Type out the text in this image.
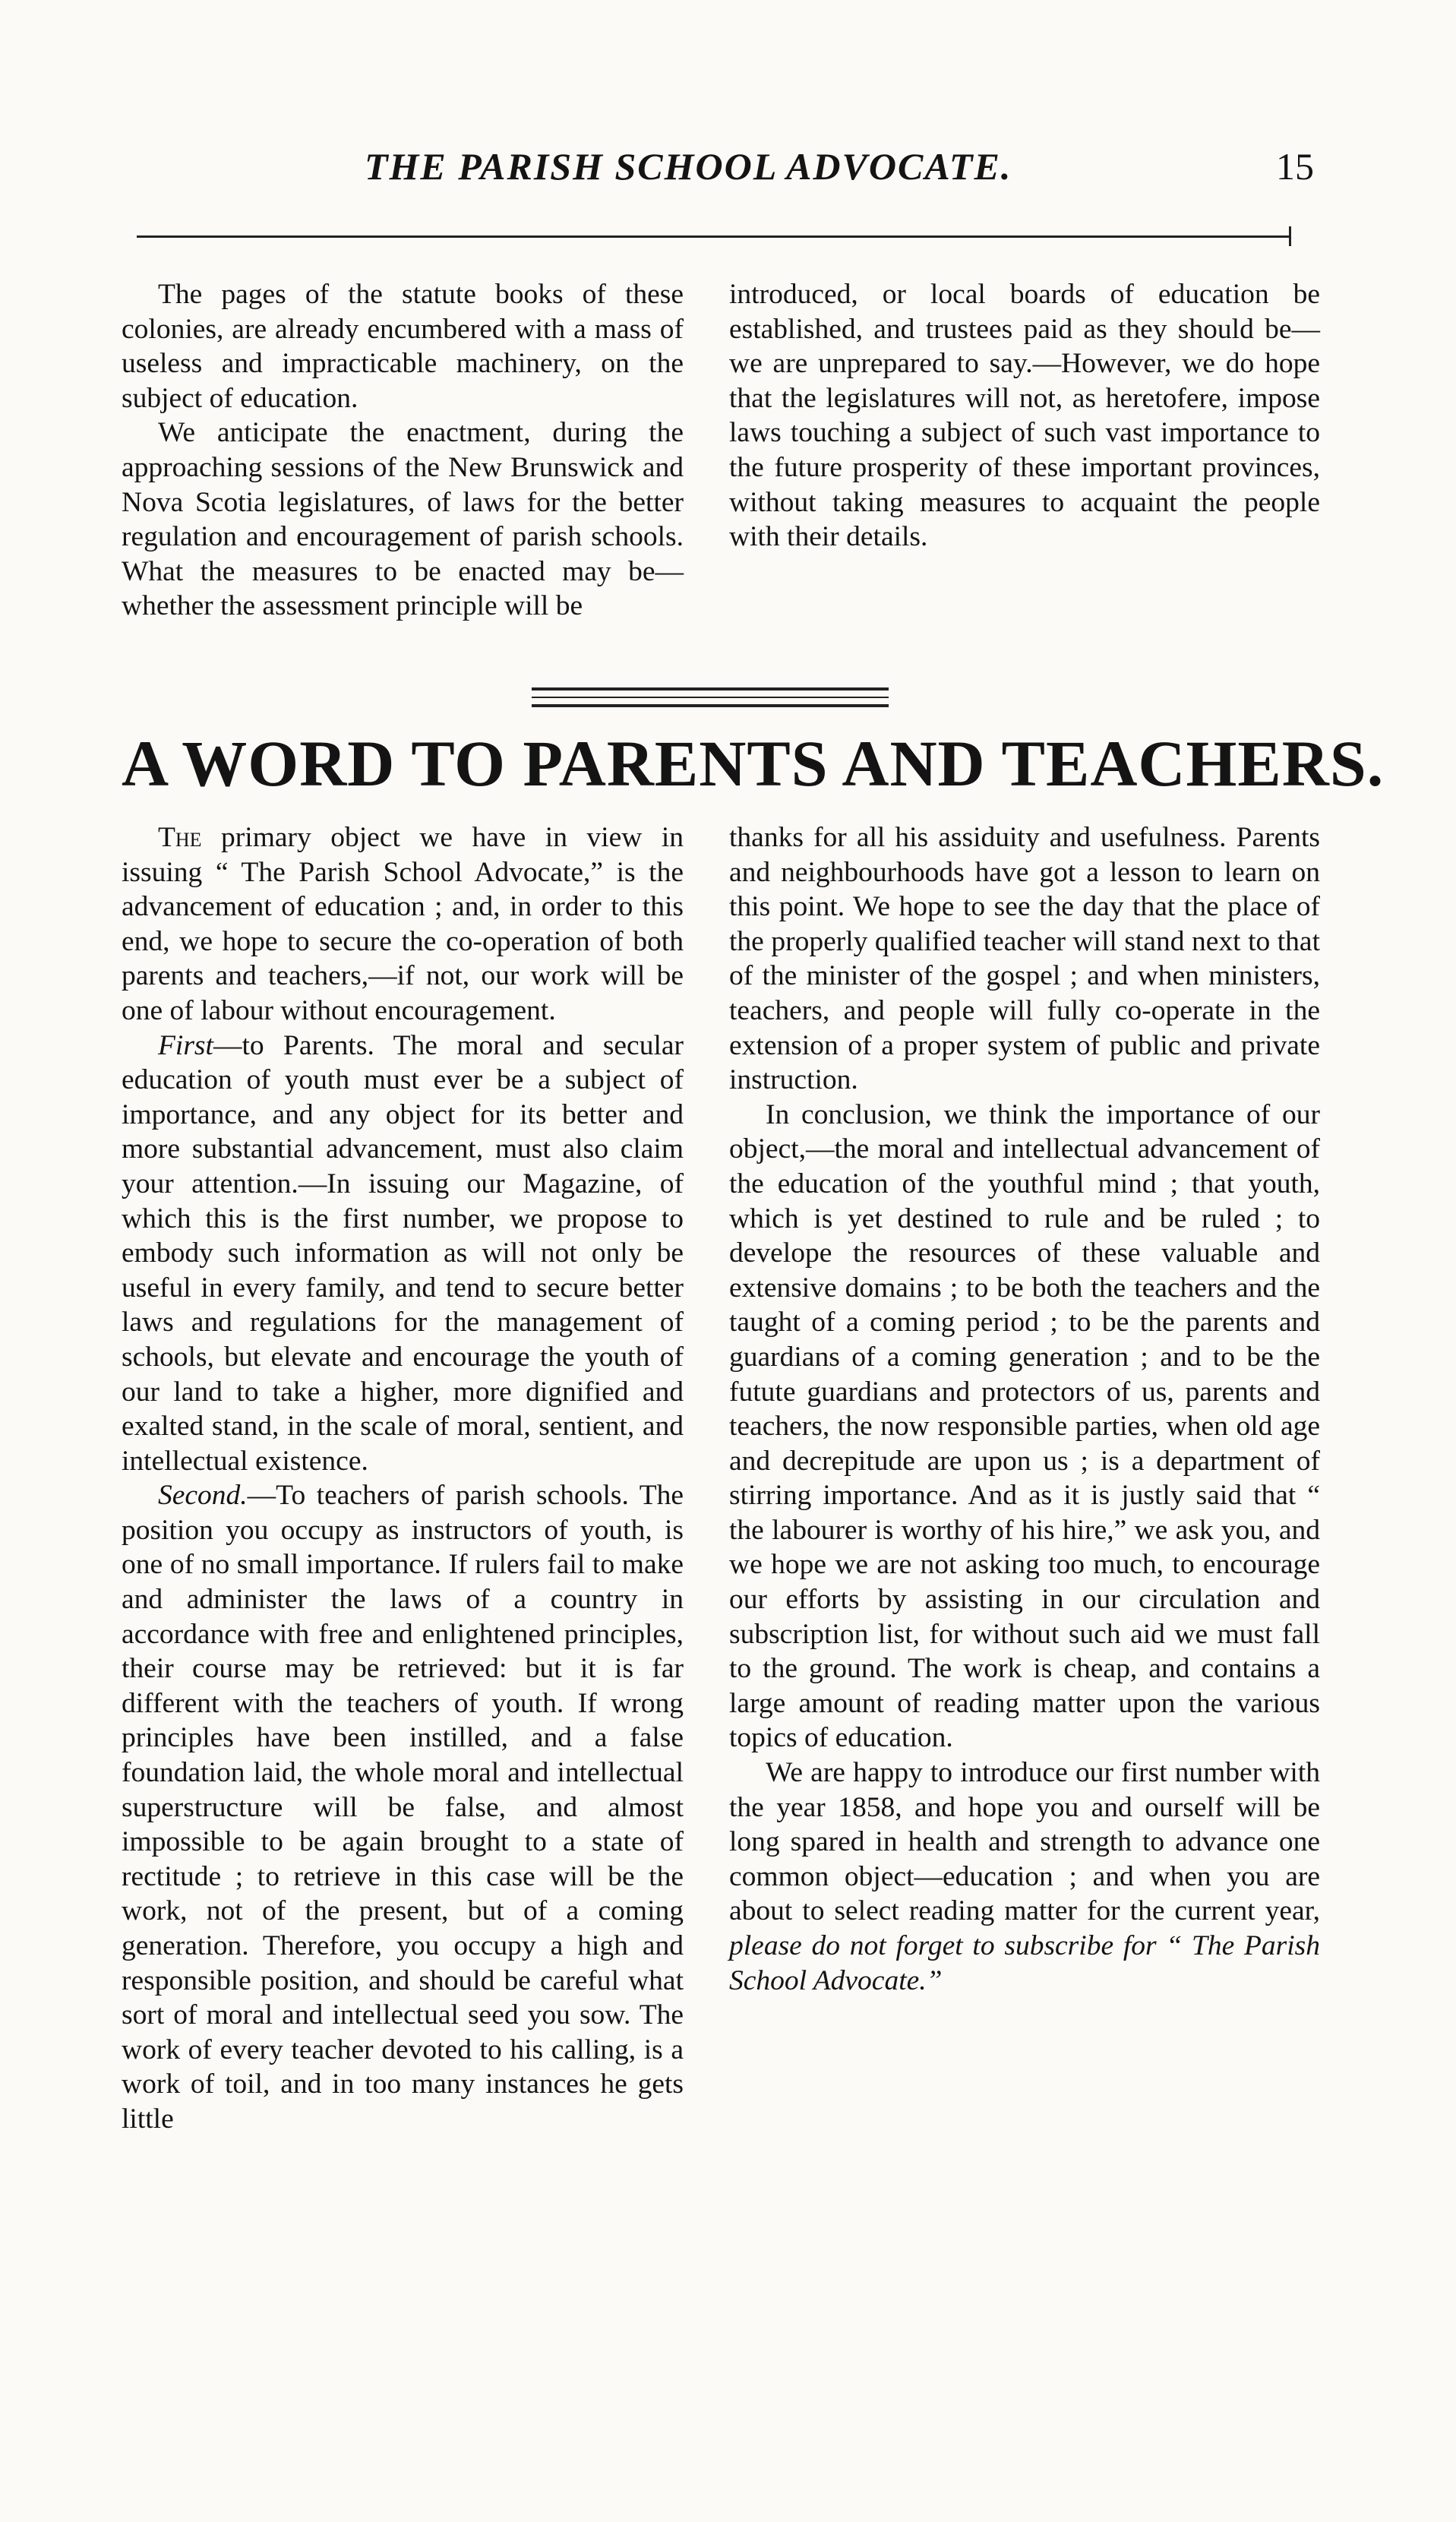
THE PARISH SCHOOL ADVOCATE.	15

The pages of the statute books of these colonies, are already encumbered with a mass of useless and impracticable machinery, on the subject of education.

We anticipate the enactment, during the approaching sessions of the New Brunswick and Nova Scotia legislatures, of laws for the better regulation and encouragement of parish schools. What the measures to be enacted may be—whether the assessment principle will be

introduced, or local boards of education be established, and trustees paid as they should be—we are unprepared to say.—However, we do hope that the legislatures will not, as heretofere, impose laws touching a subject of such vast importance to the future prosperity of these important provinces, without taking measures to acquaint the people with their details.

A WORD TO PARENTS AND TEACHERS.

The primary object we have in view in issuing “ The Parish School Advocate,” is the advancement of education ; and, in order to this end, we hope to secure the co-operation of both parents and teachers,—if not, our work will be one of labour without encouragement.

First—to Parents. The moral and secular education of youth must ever be a subject of importance, and any object for its better and more substantial advancement, must also claim your attention.—In issuing our Magazine, of which this is the first number, we propose to embody such information as will not only be useful in every family, and tend to secure better laws and regulations for the management of schools, but elevate and encourage the youth of our land to take a higher, more dignified and exalted stand, in the scale of moral, sentient, and intellectual existence.

Second.—To teachers of parish schools. The position you occupy as instructors of youth, is one of no small importance. If rulers fail to make and administer the laws of a country in accordance with free and enlightened principles, their course may be retrieved: but it is far different with the teachers of youth. If wrong principles have been instilled, and a false foundation laid, the whole moral and intellectual superstructure will be false, and almost impossible to be again brought to a state of rectitude ; to retrieve in this case will be the work, not of the present, but of a coming generation. Therefore, you occupy a high and responsible position, and should be careful what sort of moral and intellectual seed you sow. The work of every teacher devoted to his calling, is a work of toil, and in too many instances he gets little

thanks for all his assiduity and usefulness. Parents and neighbourhoods have got a lesson to learn on this point. We hope to see the day that the place of the properly qualified teacher will stand next to that of the minister of the gospel ; and when ministers, teachers, and people will fully co-operate in the extension of a proper system of public and private instruction.

In conclusion, we think the importance of our object,—the moral and intellectual advancement of the education of the youthful mind ; that youth, which is yet destined to rule and be ruled ; to develope the resources of these valuable and extensive domains ; to be both the teachers and the taught of a coming period ; to be the parents and guardians of a coming generation ; and to be the futute guardians and protectors of us, parents and teachers, the now responsible parties, when old age and decrepitude are upon us ; is a department of stirring importance. And as it is justly said that “ the labourer is worthy of his hire,” we ask you, and we hope we are not asking too much, to encourage our efforts by assisting in our circulation and subscription list, for without such aid we must fall to the ground. The work is cheap, and contains a large amount of reading matter upon the various topics of education.

We are happy to introduce our first number with the year 1858, and hope you and ourself will be long spared in health and strength to advance one common object—education ; and when you are about to select reading matter for the current year, please do not forget to subscribe for “ The Parish School Advocate.”
